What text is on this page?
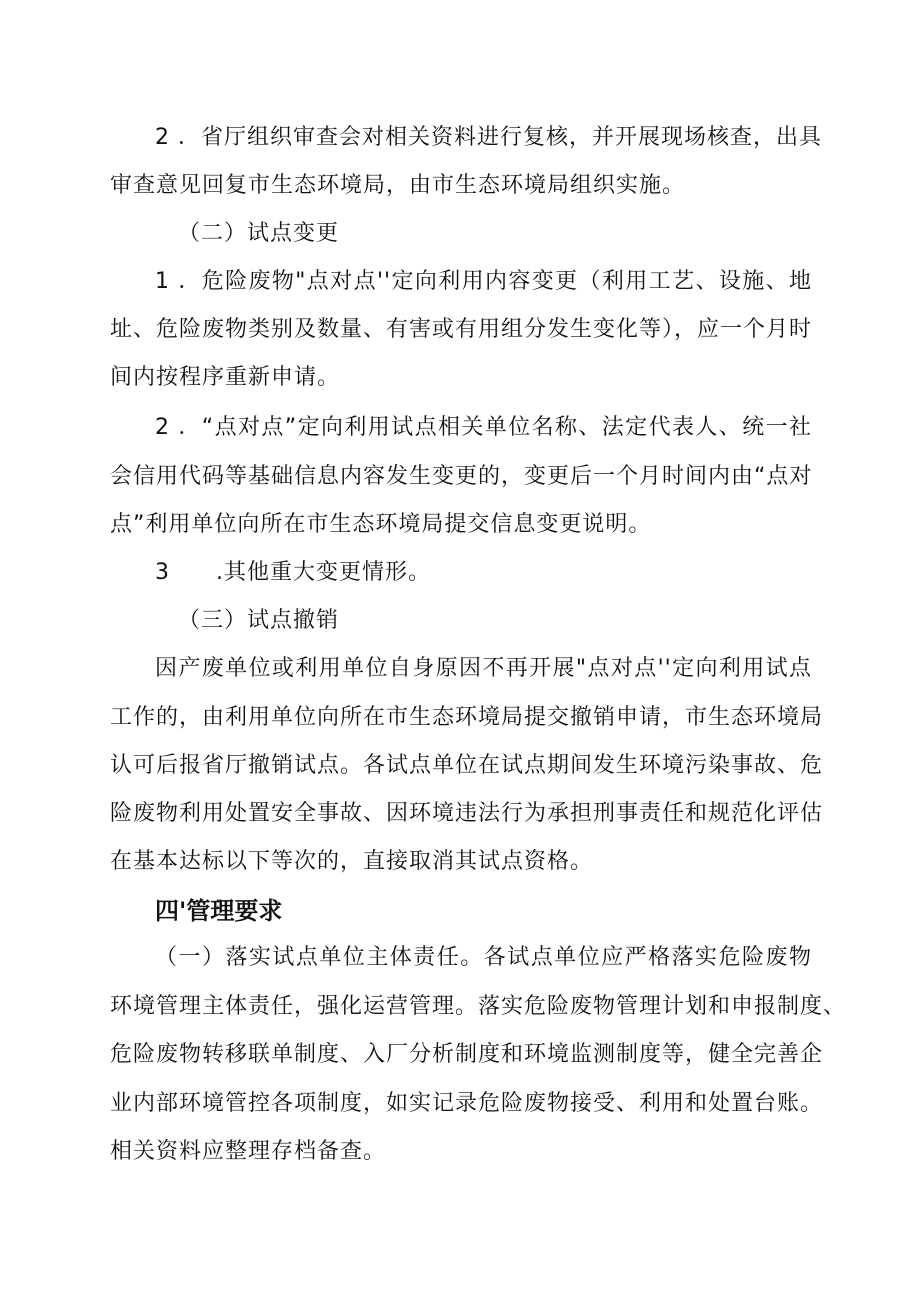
2 ．省厅组织审查会对相关资料进行复核，并开展现场核查，出具
审查意见回复市生态环境局，由市生态环境局组织实施。
（二）试点变更
1 ．危险废物"点对点''定向利用内容变更（利用工艺、设施、地
址、危险废物类别及数量、有害或有用组分发生变化等），应一个月时
间内按程序重新申请。
2 ．“点对点”定向利用试点相关单位名称、法定代表人、统一社
会信用代码等基础信息内容发生变更的，变更后一个月时间内由“点对
点”利用单位向所在市生态环境局提交信息变更说明。
3　　.其他重大变更情形。
（三）试点撤销
因产废单位或利用单位自身原因不再开展"点对点''定向利用试点
工作的，由利用单位向所在市生态环境局提交撤销申请，市生态环境局
认可后报省厅撤销试点。各试点单位在试点期间发生环境污染事故、危
险废物利用处置安全事故、因环境违法行为承担刑事责任和规范化评估
在基本达标以下等次的，直接取消其试点资格。
四'管理要求
（一）落实试点单位主体责任。各试点单位应严格落实危险废物
环境管理主体责任，强化运营管理。落实危险废物管理计划和申报制度、
危险废物转移联单制度、入厂分析制度和环境监测制度等，健全完善企
业内部环境管控各项制度，如实记录危险废物接受、利用和处置台账。
相关资料应整理存档备查。
